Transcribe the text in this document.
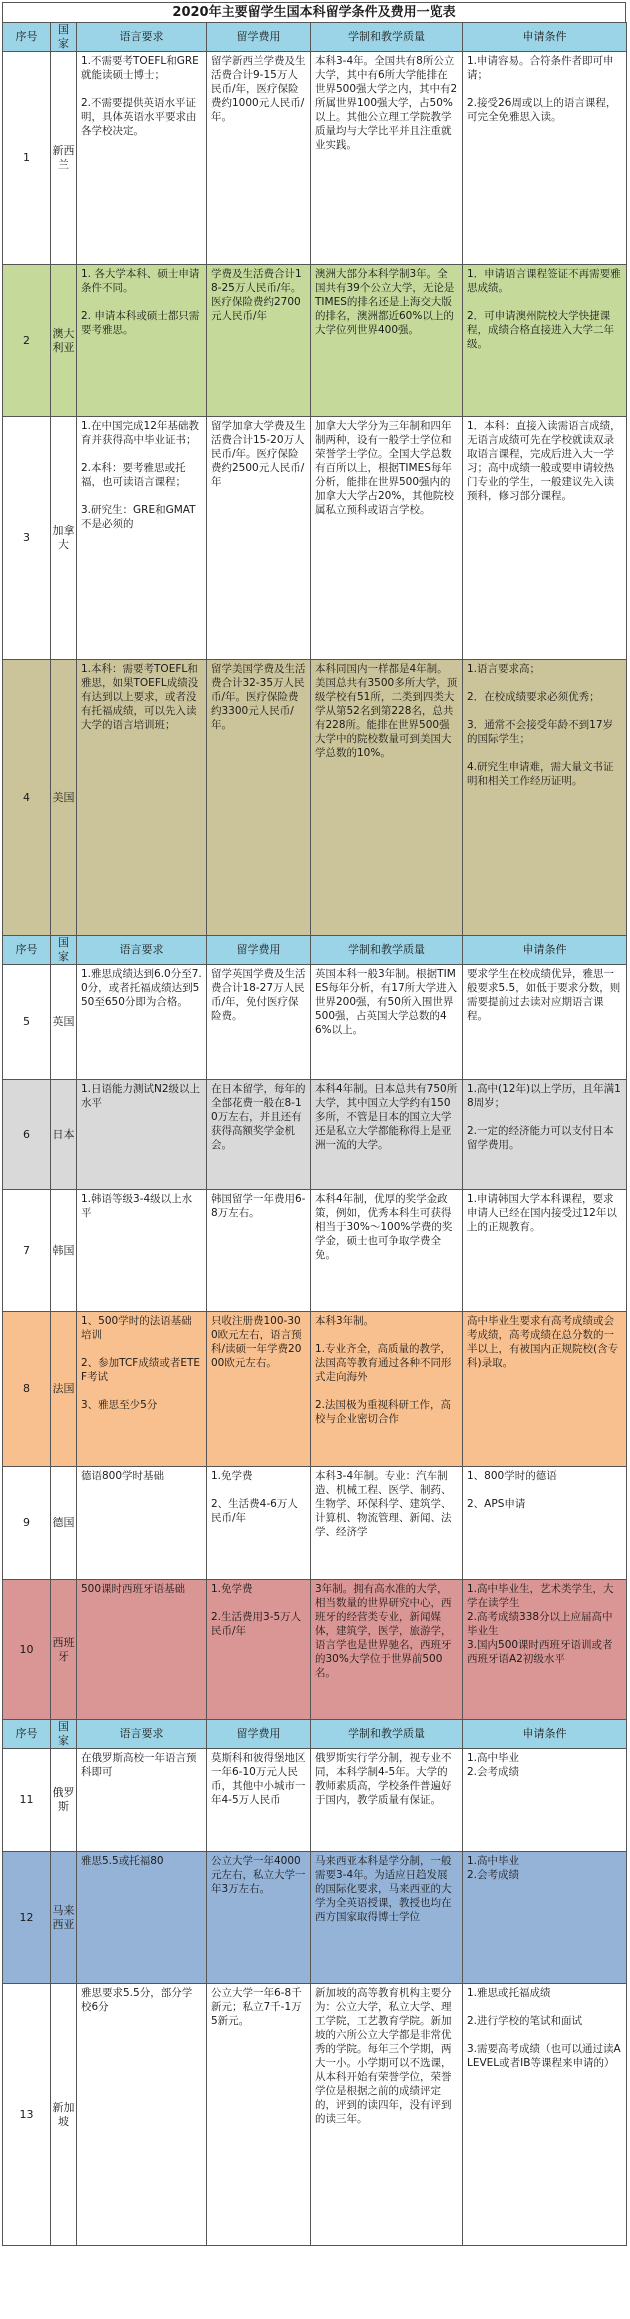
2020年主要留学生国本科留学条件及费用一览表
序号	国家	语言要求	留学费用	学制和教学质量	申请条件
1	新西兰	1.不需要考TOEFL和GRE就能读硕士博士；

2.不需要提供英语水平证明，具体英语水平要求由各学校决定。	留学新西兰学费及生活费合计9-15万人民币/年，医疗保险费约1000元人民币/年。	本科3-4年。全国共有8所公立大学，其中有6所大学能排在世界500强大学之内，其中有2所属世界100强大学，占50%以上。其他公立理工学院教学质量均与大学比平并且注重就业实践。	1.申请容易。合符条件者即可申请；

2.接受26周或以上的语言课程，可完全免雅思入读。

2	澳大利亚	1. 各大学本科、硕士申请条件不同。

2. 申请本科或硕士都只需要考雅思。	学费及生活费合计18-25万人民币/年。医疗保险费约2700元人民币/年	澳洲大部分本科学制3年。全国共有39个公立大学，无论是TIMES的排名还是上海交大版的排名，澳洲都近60%以上的大学位列世界400强。	1．申请语言课程签证不再需要雅思成绩。

2．可申请澳州院校大学快捷课程，成绩合格直接进入大学二年级。

3	加拿大	1.在中国完成12年基础教育并获得高中毕业证书；

2.本科：要考雅思或托福，也可读语言课程；

3.研究生：GRE和GMAT不是必须的	留学加拿大学费及生活费合计15-20万人民币/年。医疗保险费约2500元人民币/年	加拿大大学分为三年制和四年制两种，设有一般学士学位和荣誉学士学位。全国大学总数有百所以上，根据TIMES每年分析，能排在世界500强内的加拿大大学占20%，其他院校属私立预科或语言学校。	1．本科：直接入读需语言成绩，无语言成绩可先在学校就读双录取语言课程，完成后进入大一学习；高中成绩一般或要申请较热门专业的学生，一般建议先入读预科，修习部分课程。

4	美国	1.本科：需要考TOEFL和雅思，如果TOEFL成绩没有达到以上要求，或者没有托福成绩，可以先入读大学的语言培训班；	留学美国学费及生活费合计32-35万人民币/年。医疗保险费约3300元人民币/年。	本科同国内一样都是4年制。美国总共有3500多所大学，顶级学校有51所，二类到四类大学从第52名到第228名，总共有228所。能排在世界500强大学中的院校数量可到美国大学总数的10%。	1.语言要求高；

2．在校成绩要求必须优秀；

3．通常不会接受年龄不到17岁的国际学生；

4.研究生申请难，需大量文书证明和相关工作经历证明。

序号	国家	语言要求	留学费用	学制和教学质量	申请条件
5	英国	1.雅思成绩达到6.0分至7.0分，或者托福成绩达到550至650分即为合格。	留学英国学费及生活费合计18-27万人民币/年，免付医疗保险费。	英国本科一般3年制。根据TIMES每年分析，有17所大学进入世界200强，有50所入围世界500强，占英国大学总数的46%以上。	要求学生在校成绩优异，雅思一般要求5.5，如低于要求分数，则需要提前过去读对应期语言课程。

6	日本	1.日语能力测试N2级以上水平	在日本留学，每年的全部花费一般在8-10万左右，并且还有获得高额奖学金机会。	本科4年制。日本总共有750所大学，其中国立大学约有150多所，不管是日本的国立大学还是私立大学都能称得上是亚洲一流的大学。	1.高中(12年)以上学历，且年满18周岁；

2.一定的经济能力可以支付日本留学费用。

7	韩国	1.韩语等级3-4级以上水平	韩国留学一年费用6-8万左右。	本科4年制，优厚的奖学金政策，例如，优秀本科生可获得相当于30%～100%学费的奖学金，硕士也可争取学费全免。	1.申请韩国大学本科课程，要求申请人已经在国内接受过12年以上的正规教育。

8	法国	1、500学时的法语基础培训

2、参加TCF成绩或者ETEF考试

3、雅思至少5分	只收注册费100-300欧元左右，语言预科/读硕一年学费2000欧元左右。	本科3年制。

1.专业齐全，高质量的教学，法国高等教育通过各种不同形式走向海外

2.法国极为重视科研工作，高校与企业密切合作	高中毕业生要求有高考成绩或会考成绩，高考成绩在总分数的一半以上，有被国内正规院校(含专科)录取。

9	德国	德语800学时基础	1.免学费

2、生活费4-6万人民币/年	本科3-4年制。专业：汽车制造、机械工程、医学、制药、生物学、环保科学、建筑学、计算机、物流管理、新闻、法学、经济学	1、800学时的德语

2、APS申请

10	西班牙	500课时西班牙语基础	1.免学费

2.生活费用3-5万人民币/年	3年制。拥有高水准的大学，相当数量的世界研究中心，西班牙的经营类专业，新闻媒体，建筑学，医学，旅游学，语言学也是世界驰名，西班牙的30%大学位于世界前500名。	1.高中毕业生，艺术类学生，大学在读学生
2.高考成绩338分以上应届高中毕业生
3.国内500课时西班牙语训或者西班牙语A2初级水平

序号	国家	语言要求	留学费用	学制和教学质量	申请条件
11	俄罗斯	在俄罗斯高校一年语言预科即可	莫斯科和彼得堡地区一年6-10万元人民币，其他中小城市一年4-5万人民币	俄罗斯实行学分制，视专业不同，本科学制4-5年。大学的教师素质高，学校条件普遍好于国内，教学质量有保证。	1.高中毕业
2.会考成绩

12	马来西亚	雅思5.5或托福80	公立大学一年4000元左右，私立大学一年3万左右。	马来西亚本科是学分制，一般需要3-4年。为适应日趋发展的国际化要求，马来西亚的大学为全英语授课，教授也均在西方国家取得博士学位	1.高中毕业
2.会考成绩

13	新加坡	雅思要求5.5分，部分学校6分	公立大学一年6-8千新元；私立7千-1万5新元。	新加坡的高等教育机构主要分为：公立大学，私立大学、理工学院，工艺教育学院。新加坡的六所公立大学都是非常优秀的学院。每年三个学期，两大一小。小学期可以不选课，从本科开始有荣誉学位，荣誉学位是根据之前的成绩评定的，评到的读四年，没有评到的读三年。	1.雅思或托福成绩

2.进行学校的笔试和面试

3.需要高考成绩（也可以通过读A LEVEL或者IB等课程来申请的）
